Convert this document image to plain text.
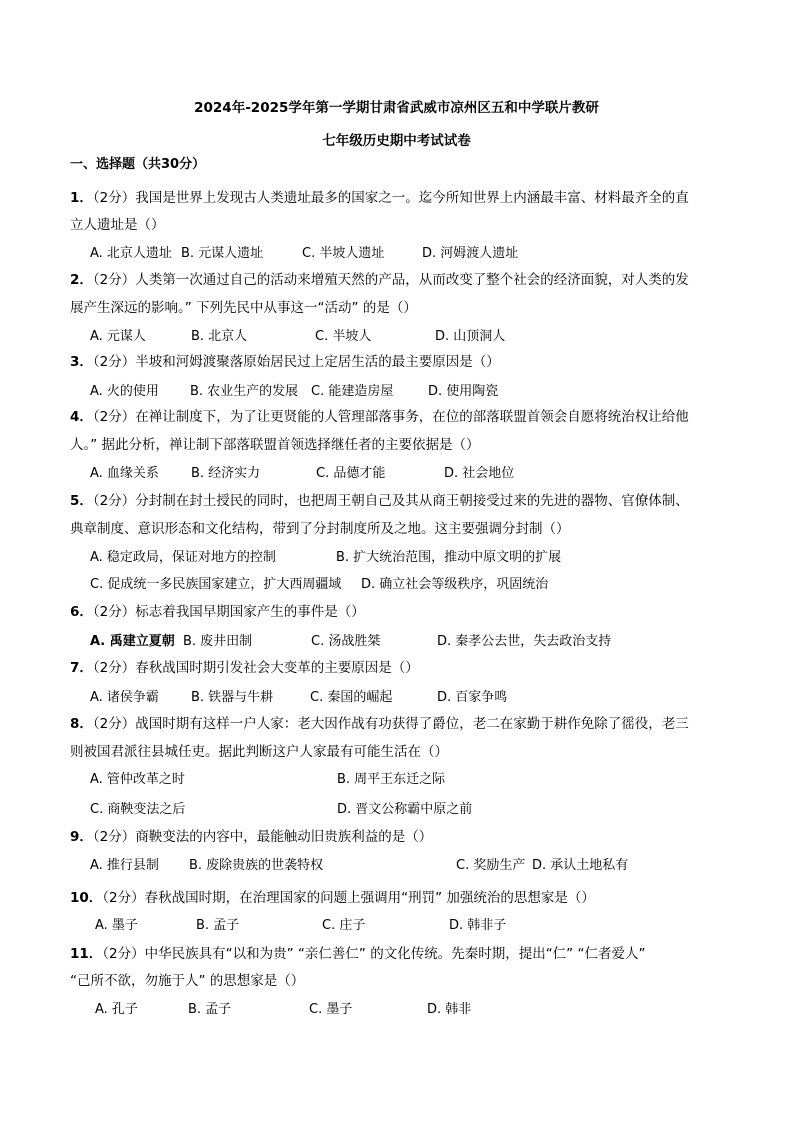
2024年-2025学年第一学期甘肃省武威市凉州区五和中学联片教研
七年级历史期中考试试卷
一、选择题（共30分）
1．（2分）我国是世界上发现古人类遗址最多的国家之一。迄今所知世界上内涵最丰富、材料最齐全的直
立人遗址是（）
A. 北京人遗址 B. 元谋人遗址	C. 半坡人遗址	D. 河姆渡人遗址
2．（2分）人类第一次通过自己的活动来增殖天然的产品，从而改变了整个社会的经济面貌，对人类的发
展产生深远的影响。” 下列先民中从事这一“活动” 的是（）
A. 元谋人	B. 北京人	C. 半坡人	D. 山顶洞人
3．（2分）半坡和河姆渡聚落原始居民过上定居生活的最主要原因是（）
A. 火的使用 B. 农业生产的发展 C. 能建造房屋	D. 使用陶瓷
4．（2分）在禅让制度下，为了让更贤能的人管理部落事务，在位的部落联盟首领会自愿将统治权让给他
人。” 据此分析，禅让制下部落联盟首领选择继任者的主要依据是（）
A. 血缘关系 B. 经济实力	C. 品德才能	D. 社会地位
5．（2分）分封制在封土授民的同时，也把周王朝自己及其从商王朝接受过来的先进的器物、官僚体制、
典章制度、意识形态和文化结构，带到了分封制度所及之地。这主要强调分封制（）
A. 稳定政局，保证对地方的控制	B. 扩大统治范围，推动中原文明的扩展
C. 促成统一多民族国家建立，扩大西周疆域 D. 确立社会等级秩序，巩固统治
6．（2分）标志着我国早期国家产生的事件是（）
A. 禹建立夏朝 B. 废井田制	C. 汤战胜桀	D. 秦孝公去世，失去政治支持
7．（2分）春秋战国时期引发社会大变革的主要原因是（）
A. 诸侯争霸 B. 铁器与牛耕	C. 秦国的崛起	D. 百家争鸣
8．（2分）战国时期有这样一户人家：老大因作战有功获得了爵位，老二在家勤于耕作免除了徭役，老三
则被国君派往县城任吏。据此判断这户人家最有可能生活在（）
A. 管仲改革之时	B. 周平王东迁之际
C. 商鞅变法之后	D. 晋文公称霸中原之前
9．（2分）商鞅变法的内容中，最能触动旧贵族利益的是（）
A. 推行县制 B. 废除贵族的世袭特权	C. 奖励生产 D. 承认土地私有
10．（2分）春秋战国时期，在治理国家的问题上强调用“刑罚” 加强统治的思想家是（）
A. 墨子	B. 孟子	C. 庄子	D. 韩非子
11．（2分）中华民族具有“以和为贵” “亲仁善仁” 的文化传统。先秦时期，提出“仁” “仁者爱人”
“己所不欲，勿施于人” 的思想家是（）
A. 孔子	B. 孟子	C. 墨子	D. 韩非
